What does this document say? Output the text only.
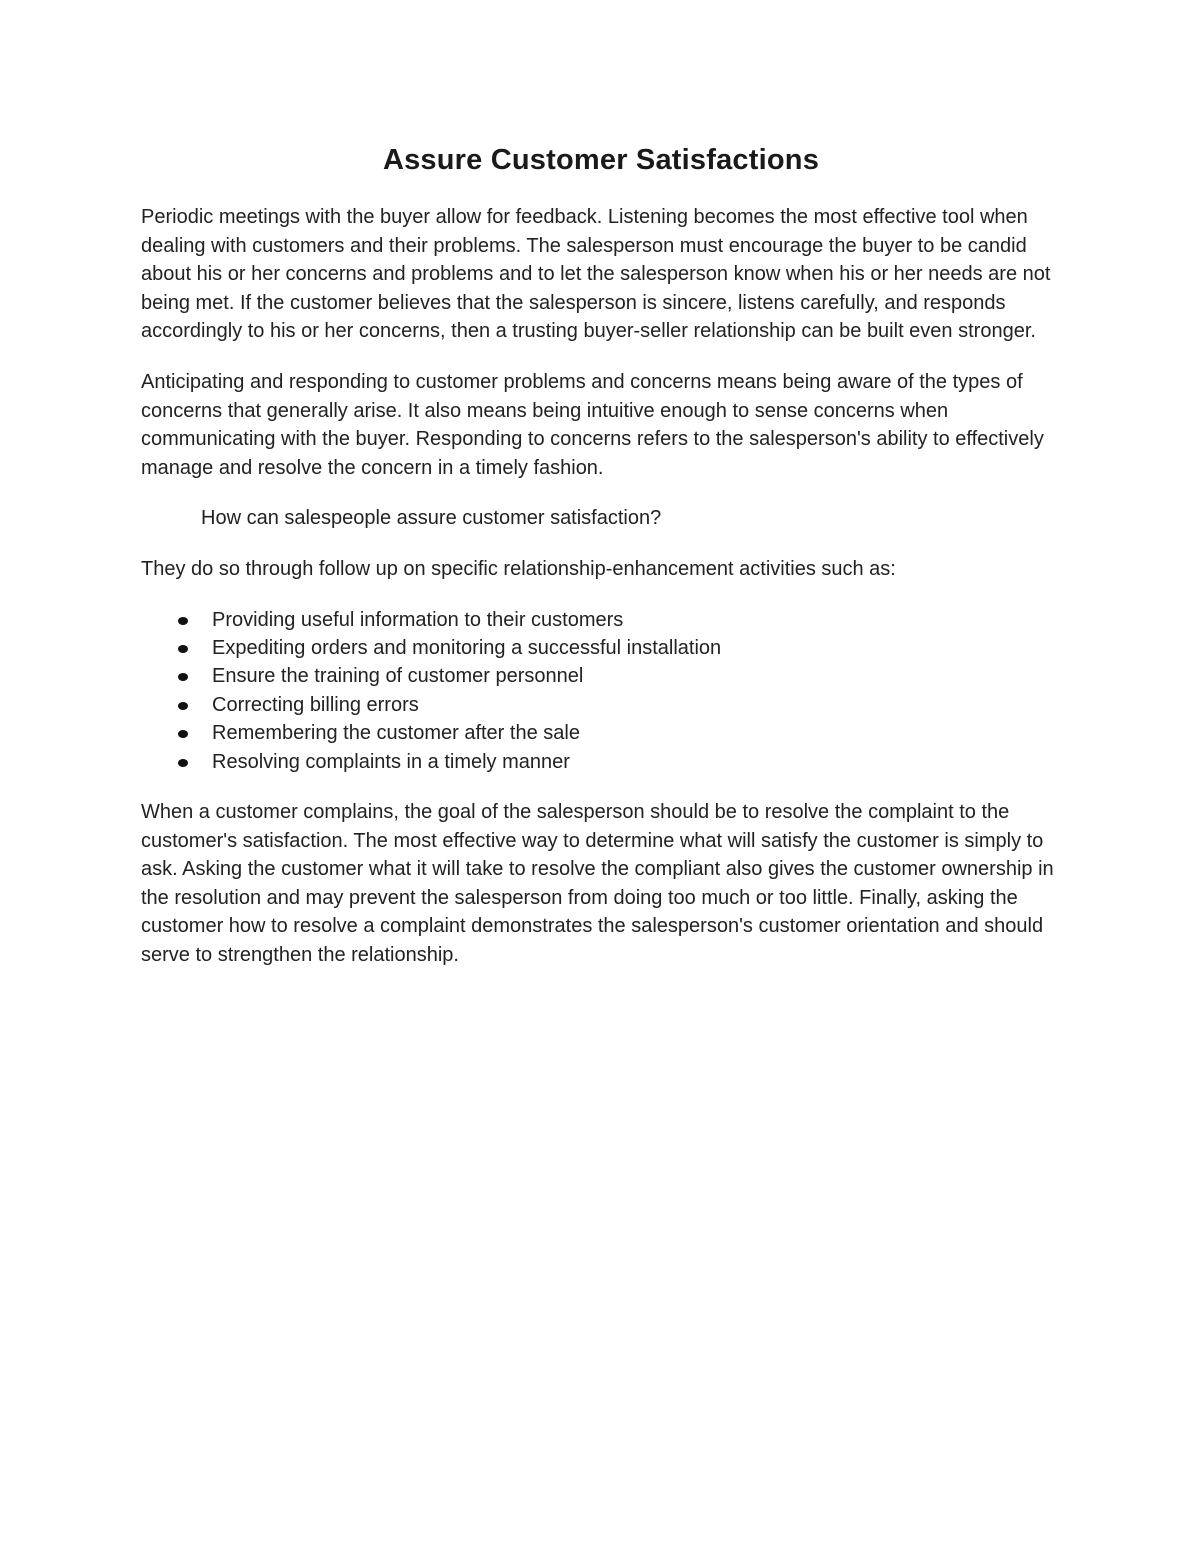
Assure Customer Satisfactions

Periodic meetings with the buyer allow for feedback. Listening becomes the most effective tool when dealing with customers and their problems. The salesperson must encourage the buyer to be candid about his or her concerns and problems and to let the salesperson know when his or her needs are not being met. If the customer believes that the salesperson is sincere, listens carefully, and responds accordingly to his or her concerns, then a trusting buyer-seller relationship can be built even stronger.

Anticipating and responding to customer problems and concerns means being aware of the types of concerns that generally arise. It also means being intuitive enough to sense concerns when communicating with the buyer. Responding to concerns refers to the salesperson's ability to effectively manage and resolve the concern in a timely fashion.

How can salespeople assure customer satisfaction?

They do so through follow up on specific relationship-enhancement activities such as:

Providing useful information to their customers
Expediting orders and monitoring a successful installation
Ensure the training of customer personnel
Correcting billing errors
Remembering the customer after the sale
Resolving complaints in a timely manner

When a customer complains, the goal of the salesperson should be to resolve the complaint to the customer's satisfaction. The most effective way to determine what will satisfy the customer is simply to ask. Asking the customer what it will take to resolve the compliant also gives the customer ownership in the resolution and may prevent the salesperson from doing too much or too little. Finally, asking the customer how to resolve a complaint demonstrates the salesperson's customer orientation and should serve to strengthen the relationship.
